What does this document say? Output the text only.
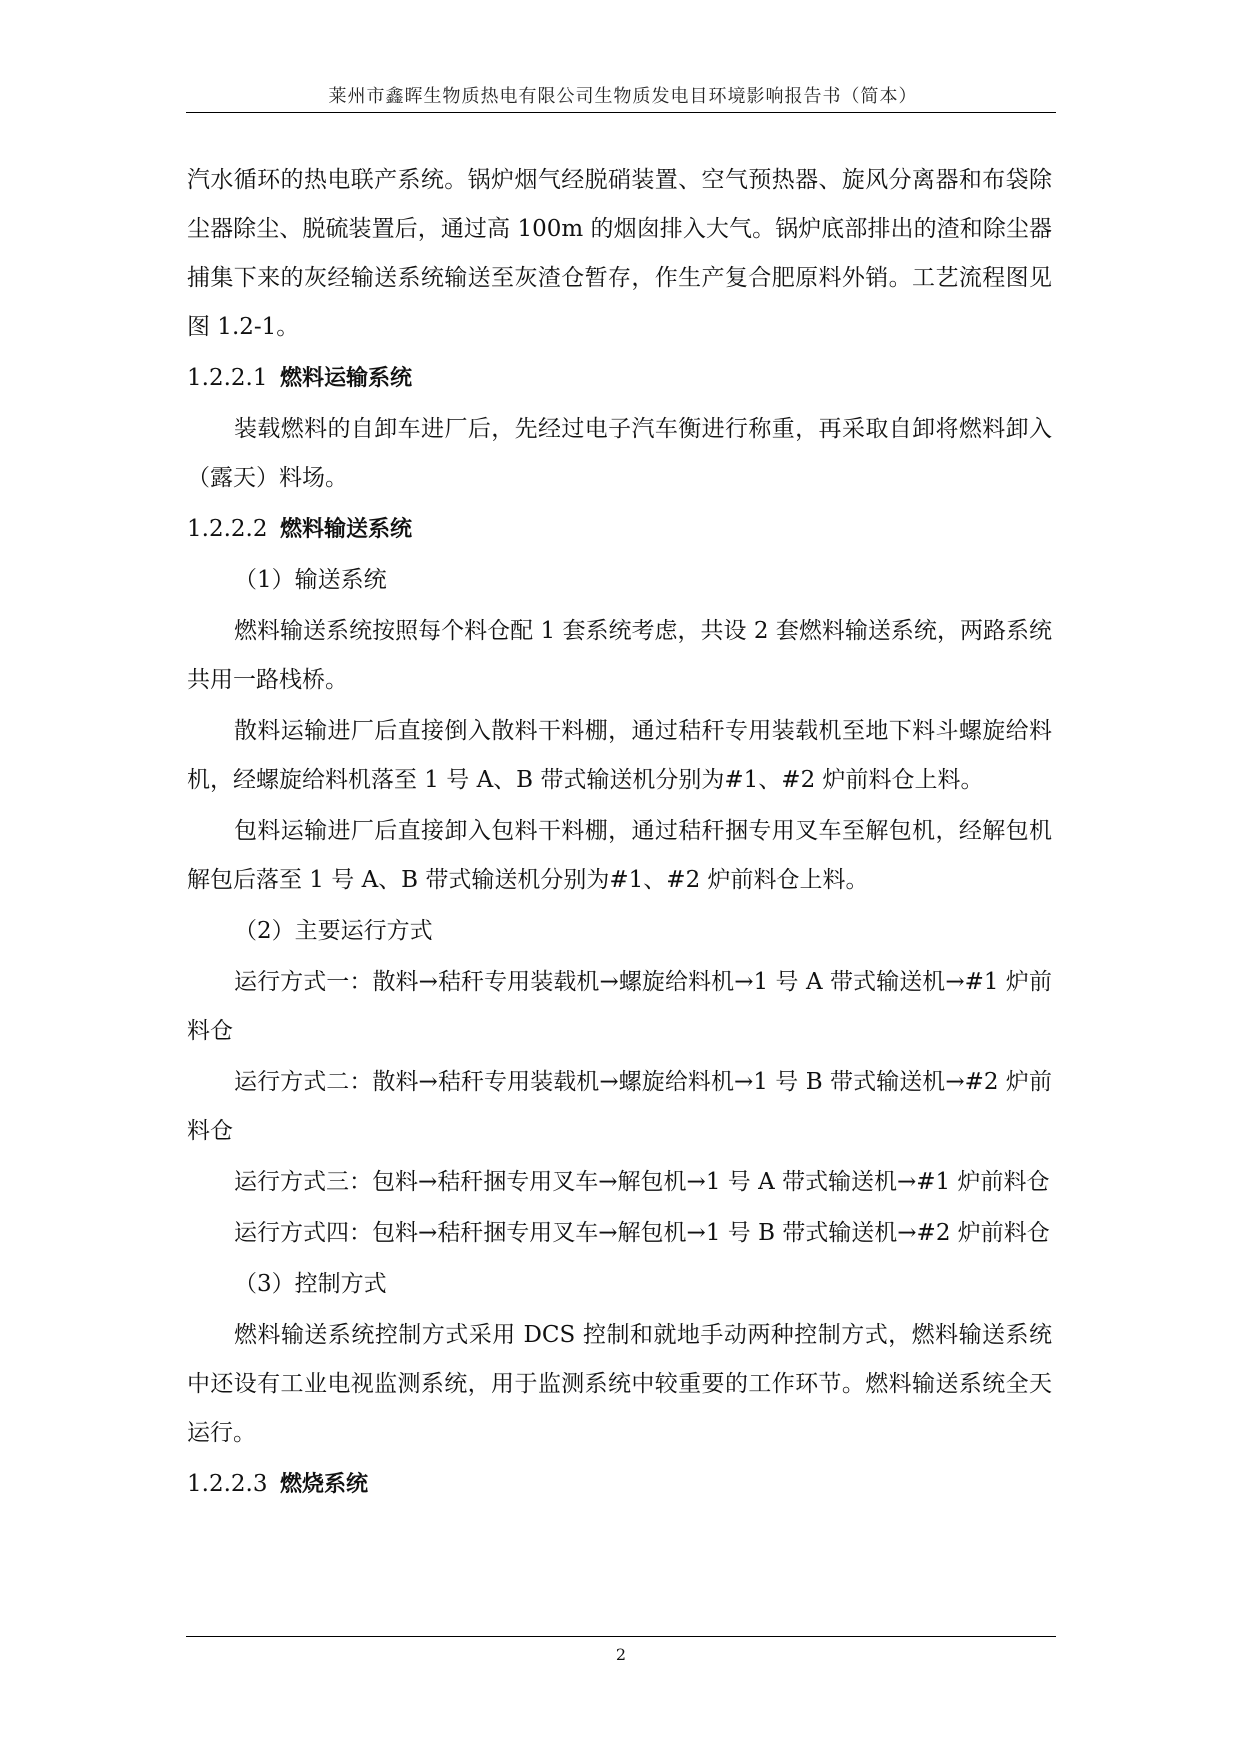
莱州市鑫晖生物质热电有限公司生物质发电目环境影响报告书（简本）

汽水循环的热电联产系统。锅炉烟气经脱硝装置、空气预热器、旋风分离器和布袋除尘器除尘、脱硫装置后，通过高 100m 的烟囱排入大气。锅炉底部排出的渣和除尘器捕集下来的灰经输送系统输送至灰渣仓暂存，作生产复合肥原料外销。工艺流程图见图 1.2-1。

1.2.2.1 燃料运输系统

装载燃料的自卸车进厂后，先经过电子汽车衡进行称重，再采取自卸将燃料卸入（露天）料场。

1.2.2.2 燃料输送系统
（1）输送系统

燃料输送系统按照每个料仓配 1 套系统考虑，共设 2 套燃料输送系统，两路系统共用一路栈桥。

散料运输进厂后直接倒入散料干料棚，通过秸秆专用装载机至地下料斗螺旋给料机，经螺旋给料机落至 1 号 A、B 带式输送机分别为#1、#2 炉前料仓上料。

包料运输进厂后直接卸入包料干料棚，通过秸秆捆专用叉车至解包机，经解包机解包后落至 1 号 A、B 带式输送机分别为#1、#2 炉前料仓上料。

（2）主要运行方式

运行方式一：散料→秸秆专用装载机→螺旋给料机→1 号 A 带式输送机→#1 炉前料仓

运行方式二：散料→秸秆专用装载机→螺旋给料机→1 号 B 带式输送机→#2 炉前料仓

运行方式三：包料→秸秆捆专用叉车→解包机→1 号 A 带式输送机→#1 炉前料仓

运行方式四：包料→秸秆捆专用叉车→解包机→1 号 B 带式输送机→#2 炉前料仓

（3）控制方式

燃料输送系统控制方式采用 DCS 控制和就地手动两种控制方式，燃料输送系统中还设有工业电视监测系统，用于监测系统中较重要的工作环节。燃料输送系统全天运行。

1.2.2.3 燃烧系统
2
